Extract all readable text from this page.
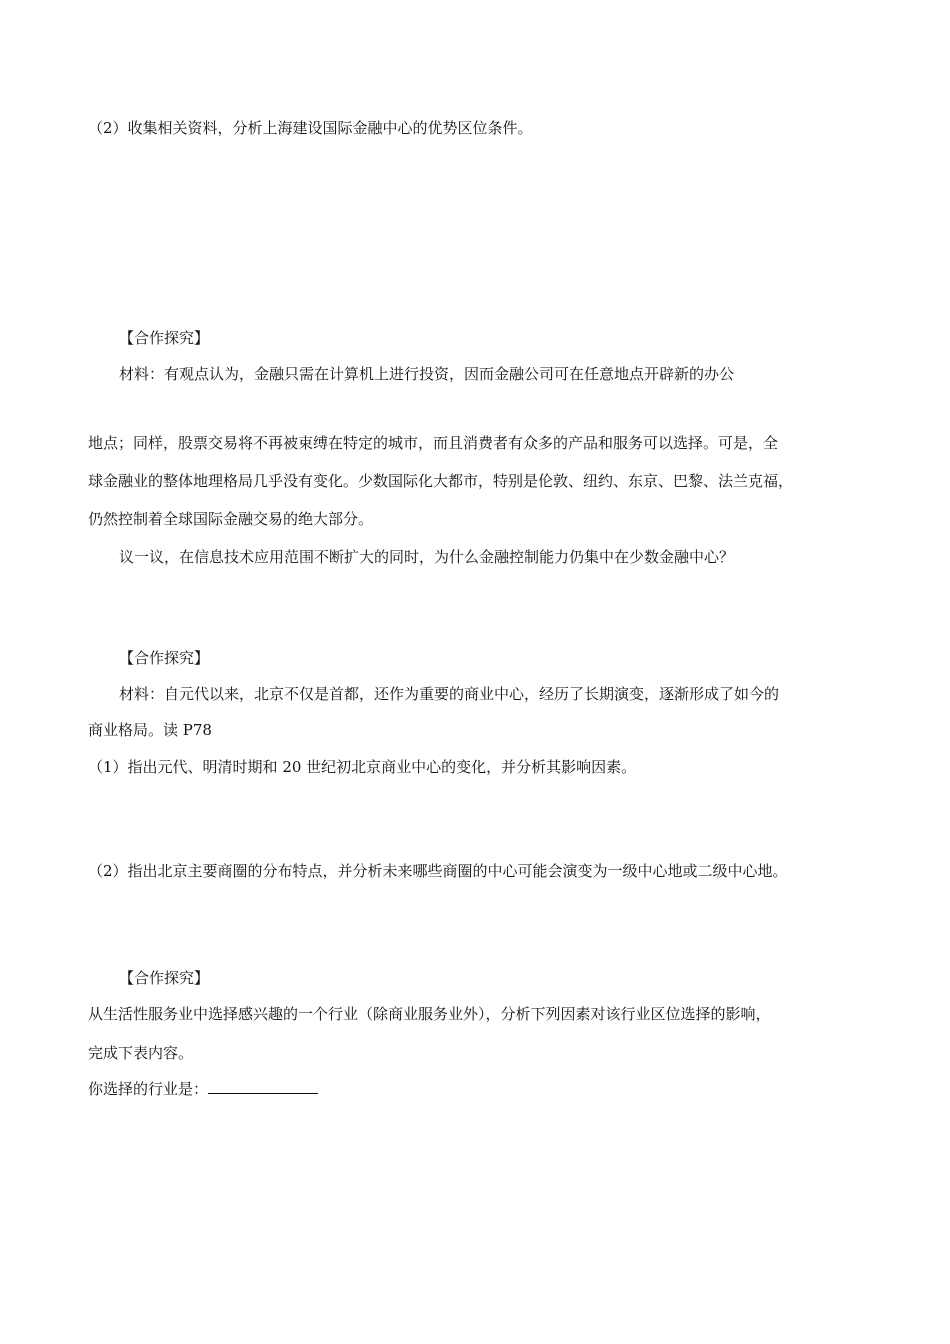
（2）收集相关资料，分析上海建设国际金融中心的优势区位条件。
【合作探究】
材料：有观点认为，金融只需在计算机上进行投资，因而金融公司可在任意地点开辟新的办公
地点；同样，股票交易将不再被束缚在特定的城市，而且消费者有众多的产品和服务可以选择。可是，全
球金融业的整体地理格局几乎没有变化。少数国际化大都市，特别是伦敦、纽约、东京、巴黎、法兰克福，
仍然控制着全球国际金融交易的绝大部分。
议一议，在信息技术应用范围不断扩大的同时，为什么金融控制能力仍集中在少数金融中心？
【合作探究】
材料：自元代以来，北京不仅是首都，还作为重要的商业中心，经历了长期演变，逐渐形成了如今的
商业格局。读 P78
（1）指出元代、明清时期和 20 世纪初北京商业中心的变化，并分析其影响因素。
（2）指出北京主要商圈的分布特点，并分析未来哪些商圈的中心可能会演变为一级中心地或二级中心地。
【合作探究】
从生活性服务业中选择感兴趣的一个行业（除商业服务业外），分析下列因素对该行业区位选择的影响，
完成下表内容。
你选择的行业是：
